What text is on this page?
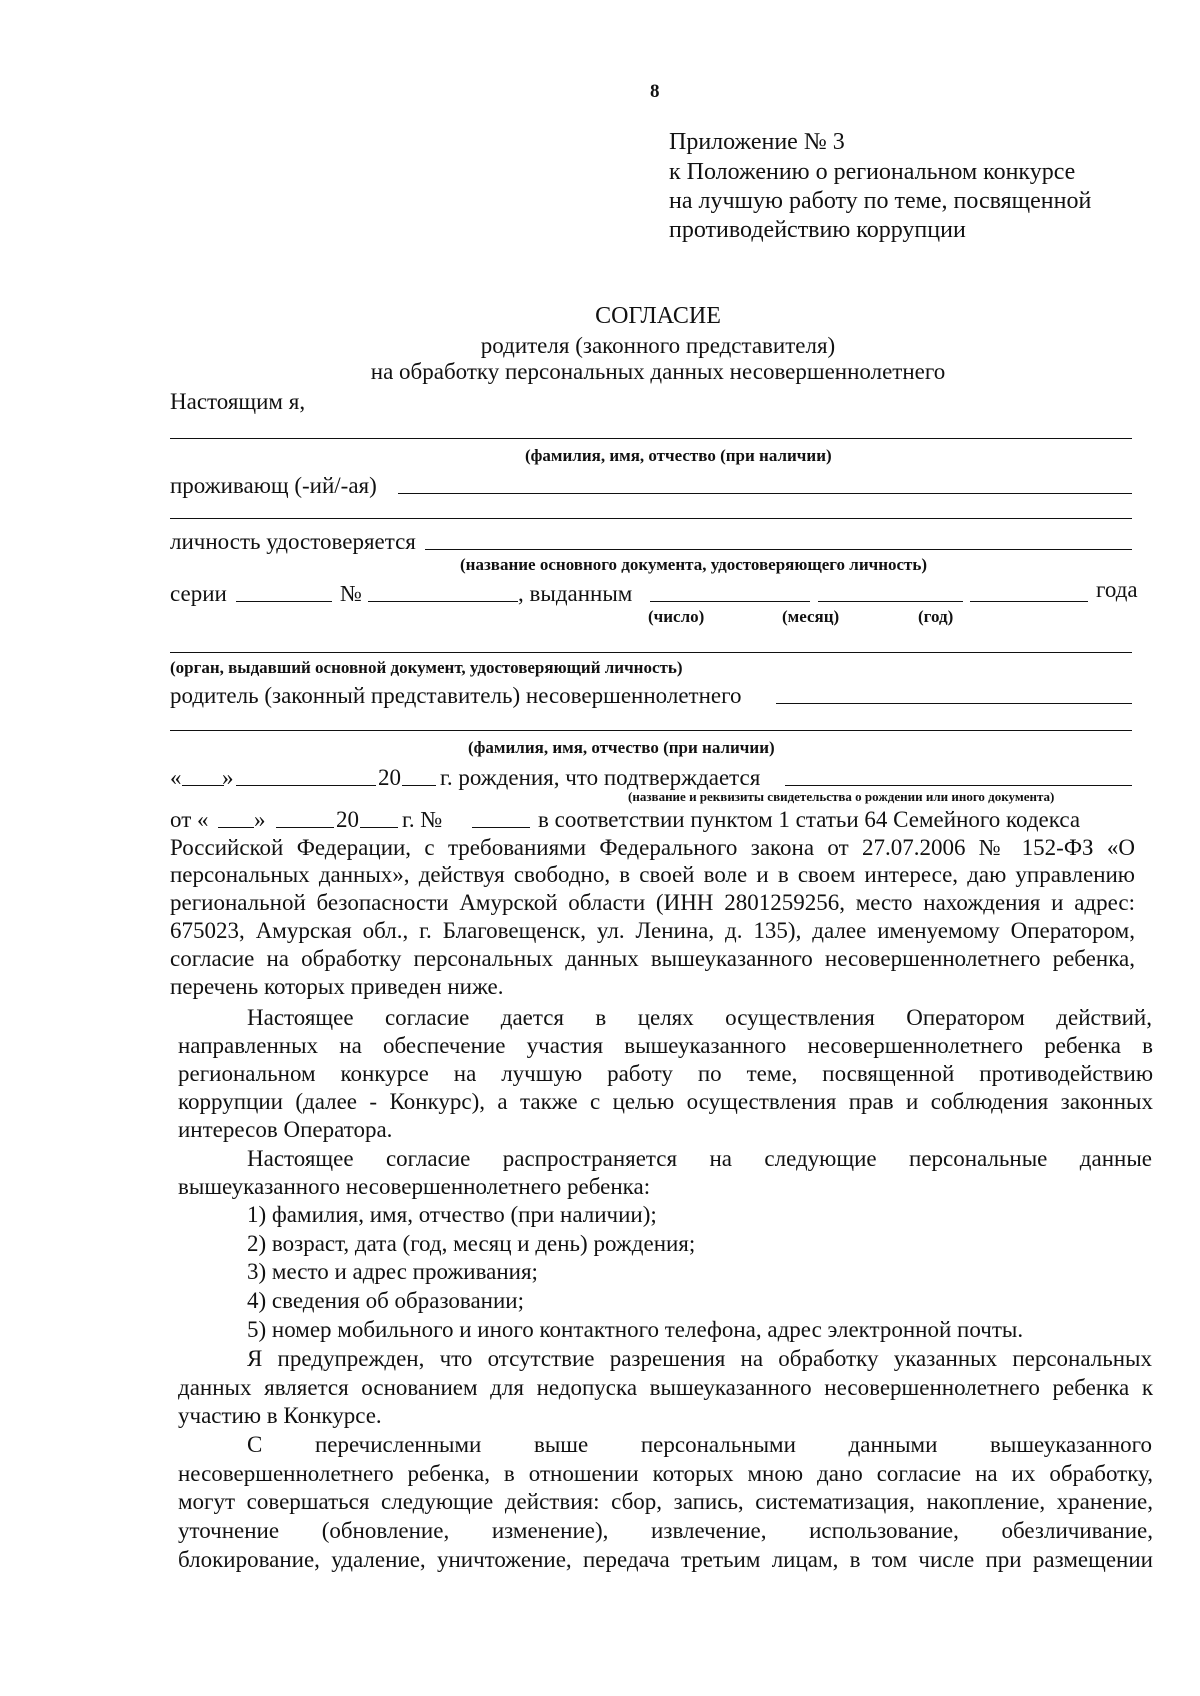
8
Приложение № 3
к Положению о региональном конкурсе
на лучшую работу по теме, посвященной
противодействию коррупции
СОГЛАСИЕ
родителя (законного представителя)
на обработку персональных данных несовершеннолетнего
Настоящим я,
(фамилия, имя, отчество (при наличии)
проживающ (-ий/-ая)
личность удостоверяется
(название основного документа, удостоверяющего личность)
серии	№	, выданным	года
(число)	(месяц)	(год)
(орган, выдавший основной документ, удостоверяющий личность)
родитель (законный представитель) несовершеннолетнего
(фамилия, имя, отчество (при наличии)
« »	20 г. рождения, что подтверждается
(название и реквизиты свидетельства о рождении или иного документа)
от « »	20 г. №	в соответствии пунктом 1 статьи 64 Семейного кодекса
Российской Федерации, с требованиями Федерального закона от 27.07.2006 № 152-ФЗ «О
персональных данных», действуя свободно, в своей воле и в своем интересе, даю управлению
региональной безопасности Амурской области (ИНН 2801259256, место нахождения и адрес:
675023, Амурская обл., г. Благовещенск, ул. Ленина, д. 135), далее именуемому Оператором,
согласие на обработку персональных данных вышеуказанного несовершеннолетнего ребенка,
перечень которых приведен ниже.
Настоящее согласие дается в целях осуществления Оператором действий,
направленных на обеспечение участия вышеуказанного несовершеннолетнего ребенка в
региональном конкурсе на лучшую работу по теме, посвященной противодействию
коррупции (далее - Конкурс), а также с целью осуществления прав и соблюдения законных
интересов Оператора.
Настоящее согласие распространяется на следующие персональные данные
вышеуказанного несовершеннолетнего ребенка:
1) фамилия, имя, отчество (при наличии);
2) возраст, дата (год, месяц и день) рождения;
3) место и адрес проживания;
4) сведения об образовании;
5) номер мобильного и иного контактного телефона, адрес электронной почты.
Я предупрежден, что отсутствие разрешения на обработку указанных персональных
данных является основанием для недопуска вышеуказанного несовершеннолетнего ребенка к
участию в Конкурсе.
С перечисленными выше персональными данными вышеуказанного
несовершеннолетнего ребенка, в отношении которых мною дано согласие на их обработку,
могут совершаться следующие действия: сбор, запись, систематизация, накопление, хранение,
уточнение (обновление, изменение), извлечение, использование, обезличивание,
блокирование, удаление, уничтожение, передача третьим лицам, в том числе при размещении
